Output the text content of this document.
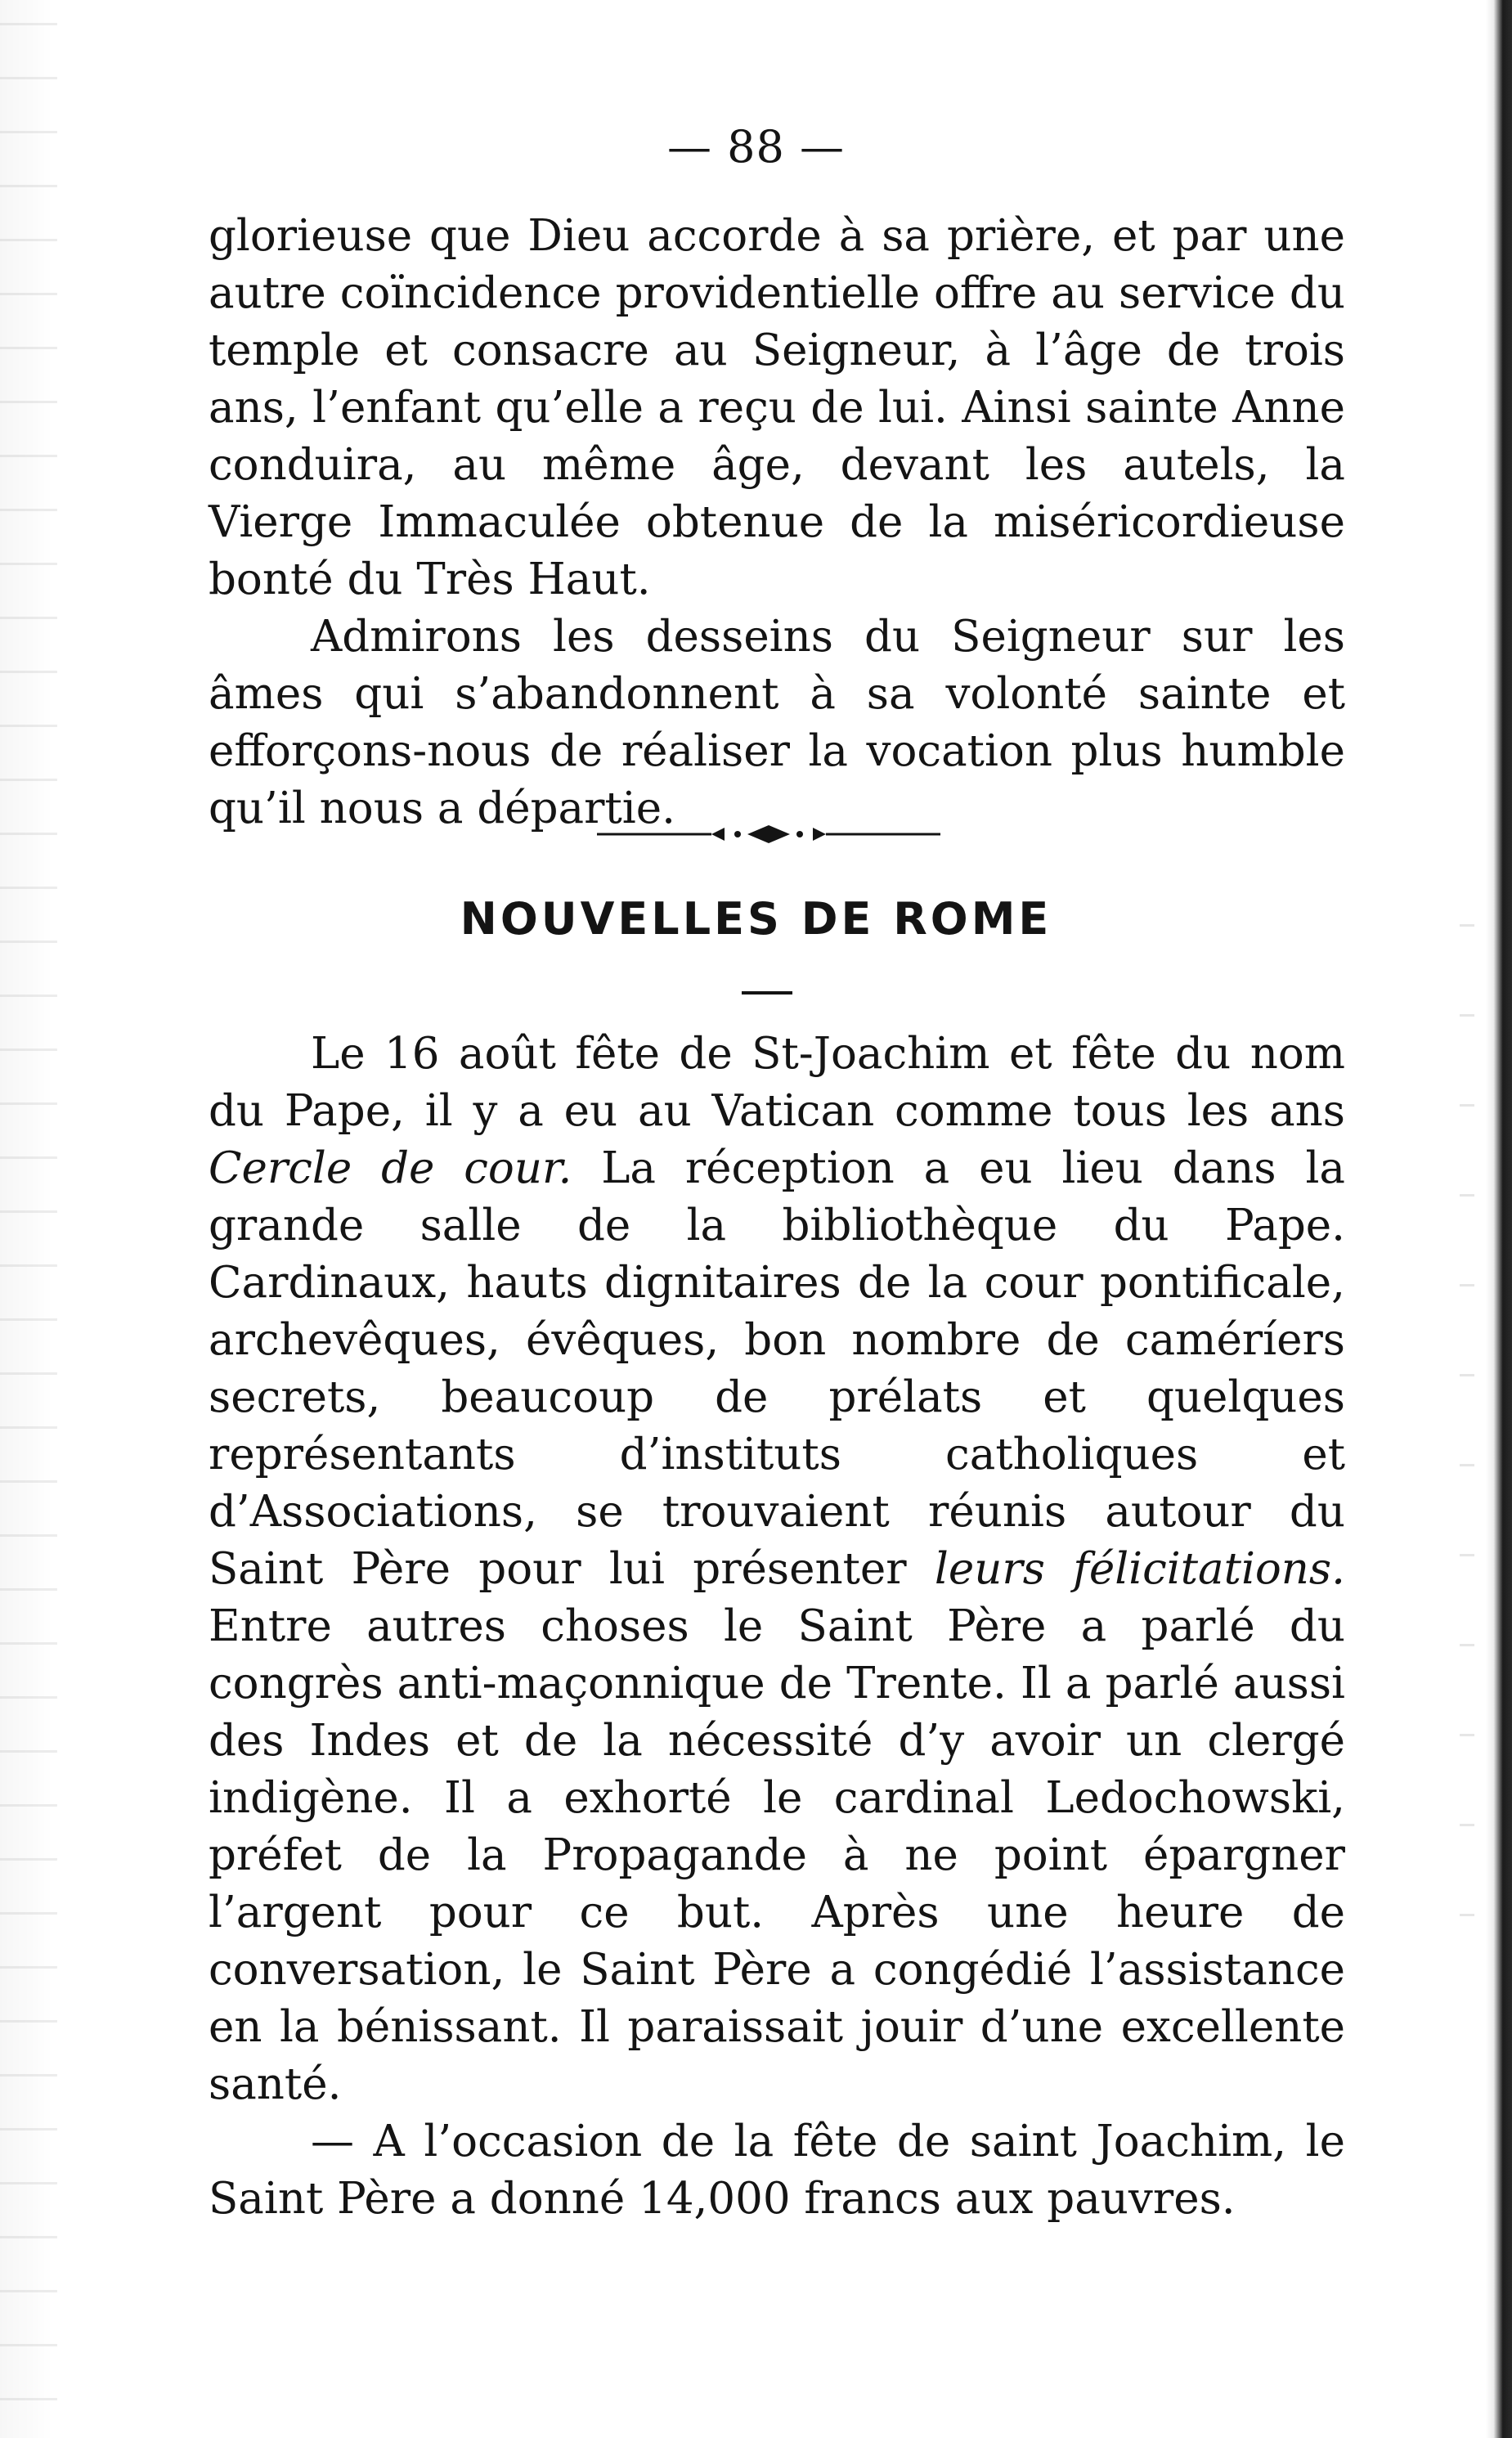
— 88 —

glorieuse que Dieu accorde à sa prière, et par une autre coïncidence providentielle offre au service du temple et consacre au Seigneur, à l’âge de trois ans, l’enfant qu’elle a reçu de lui. Ainsi sainte Anne conduira, au même âge, devant les autels, la Vierge Immaculée obtenue de la miséricordieuse bonté du Très Haut.

Admirons les desseins du Seigneur sur les âmes qui s’abandonnent à sa volonté sainte et efforçons-nous de réaliser la vocation plus humble qu’il nous a départie.

NOUVELLES DE ROME

Le 16 août fête de St-Joachim et fête du nom du Pape, il y a eu au Vatican comme tous les ans Cercle de cour. La réception a eu lieu dans la grande salle de la bibliothèque du Pape. Cardinaux, hauts dignitaires de la cour pontificale, archevêques, évêques, bon nombre de caméríers secrets, beaucoup de prélats et quelques représentants d’instituts catholiques et d’Associations, se trouvaient réunis autour du Saint Père pour lui présenter leurs félicitations. Entre autres choses le Saint Père a parlé du congrès anti-maçonnique de Trente. Il a parlé aussi des Indes et de la nécessité d’y avoir un clergé indigène. Il a exhorté le cardinal Ledochowski, préfet de la Propagande à ne point épargner l’argent pour ce but. Après une heure de conversation, le Saint Père a congédié l’assistance en la bénissant. Il paraissait jouir d’une excellente santé.

— A l’occasion de la fête de saint Joachim, le Saint Père a donné 14,000 francs aux pauvres.
